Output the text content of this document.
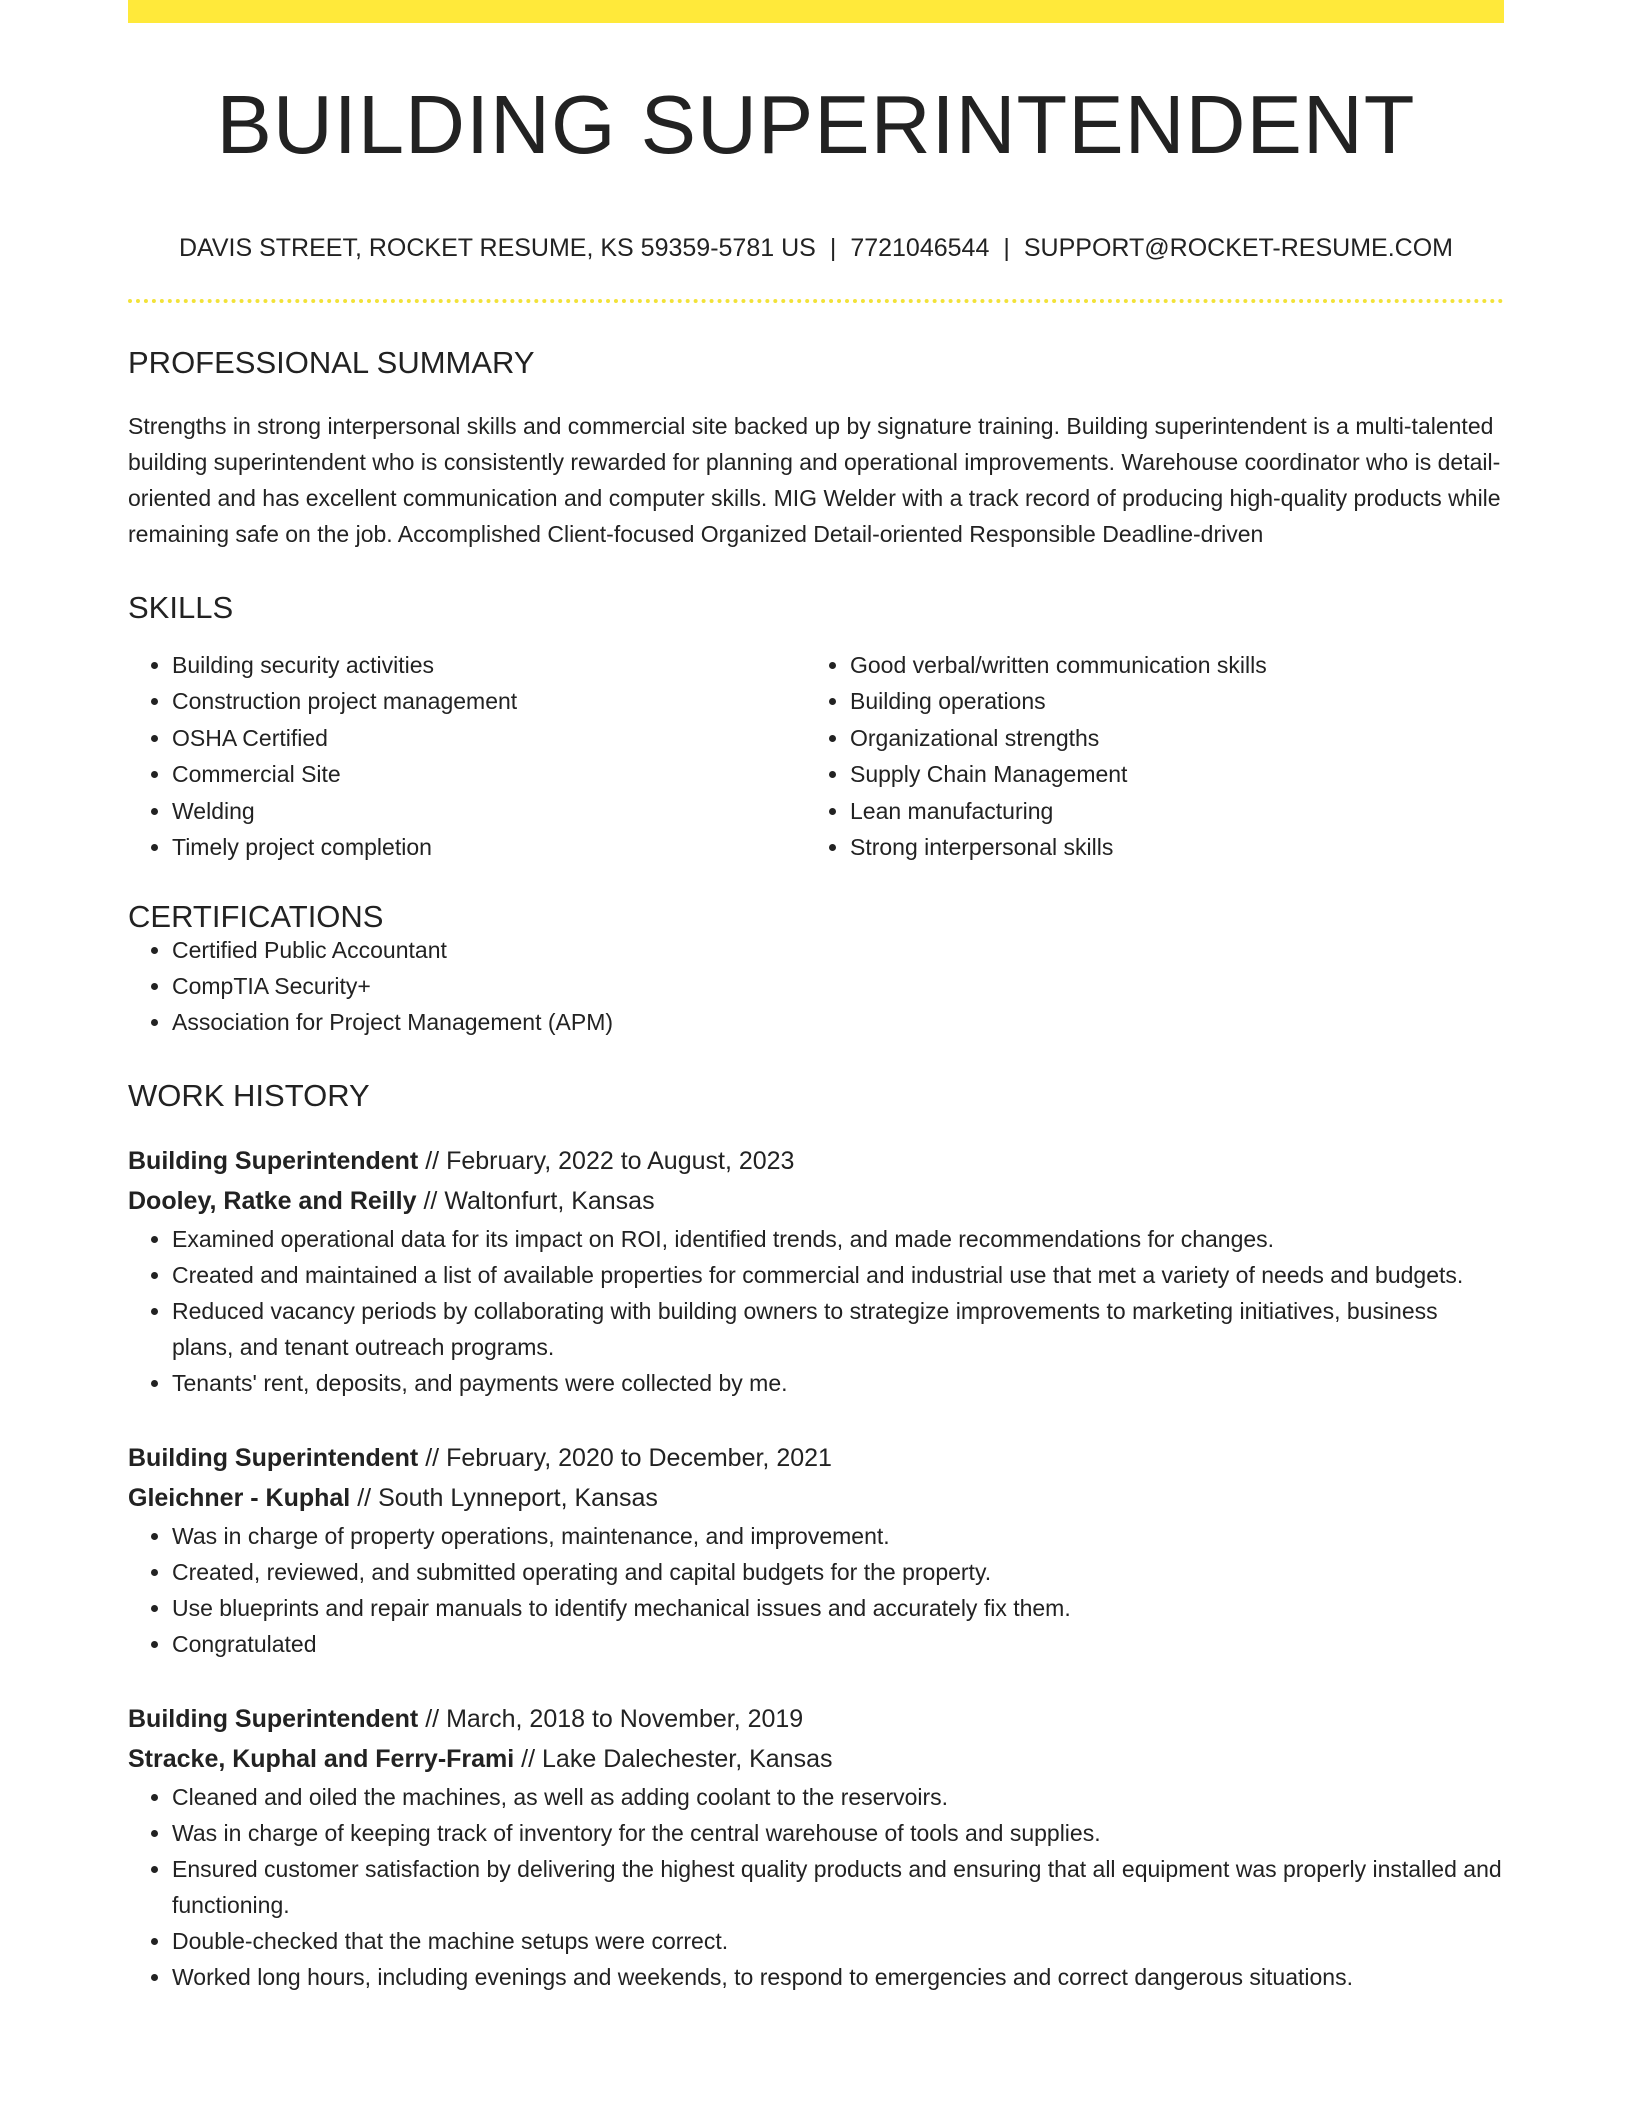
BUILDING SUPERINTENDENT
DAVIS STREET, ROCKET RESUME, KS 59359-5781 US | 7721046544 | SUPPORT@ROCKET-RESUME.COM
PROFESSIONAL SUMMARY

Strengths in strong interpersonal skills and commercial site backed up by signature training. Building superintendent is a multi-talented building superintendent who is consistently rewarded for planning and operational improvements. Warehouse coordinator who is detail-oriented and has excellent communication and computer skills. MIG Welder with a track record of producing high-quality products while remaining safe on the job. Accomplished Client-focused Organized Detail-oriented Responsible Deadline-driven

SKILLS
• Building security activities
• Construction project management
• OSHA Certified
• Commercial Site
• Welding
• Timely project completion
• Good verbal/written communication skills
• Building operations
• Organizational strengths
• Supply Chain Management
• Lean manufacturing
• Strong interpersonal skills
CERTIFICATIONS
• Certified Public Accountant
• CompTIA Security+
• Association for Project Management (APM)
WORK HISTORY
Building Superintendent // February, 2022 to August, 2023
Dooley, Ratke and Reilly // Waltonfurt, Kansas
• Examined operational data for its impact on ROI, identified trends, and made recommendations for changes.
• Created and maintained a list of available properties for commercial and industrial use that met a variety of needs and budgets.
• Reduced vacancy periods by collaborating with building owners to strategize improvements to marketing initiatives, business plans, and tenant outreach programs.
• Tenants' rent, deposits, and payments were collected by me.
Building Superintendent // February, 2020 to December, 2021
Gleichner - Kuphal // South Lynneport, Kansas
• Was in charge of property operations, maintenance, and improvement.
• Created, reviewed, and submitted operating and capital budgets for the property.
• Use blueprints and repair manuals to identify mechanical issues and accurately fix them.
• Congratulated
Building Superintendent // March, 2018 to November, 2019
Stracke, Kuphal and Ferry-Frami // Lake Dalechester, Kansas
• Cleaned and oiled the machines, as well as adding coolant to the reservoirs.
• Was in charge of keeping track of inventory for the central warehouse of tools and supplies.
• Ensured customer satisfaction by delivering the highest quality products and ensuring that all equipment was properly installed and functioning.
• Double-checked that the machine setups were correct.
• Worked long hours, including evenings and weekends, to respond to emergencies and correct dangerous situations.
